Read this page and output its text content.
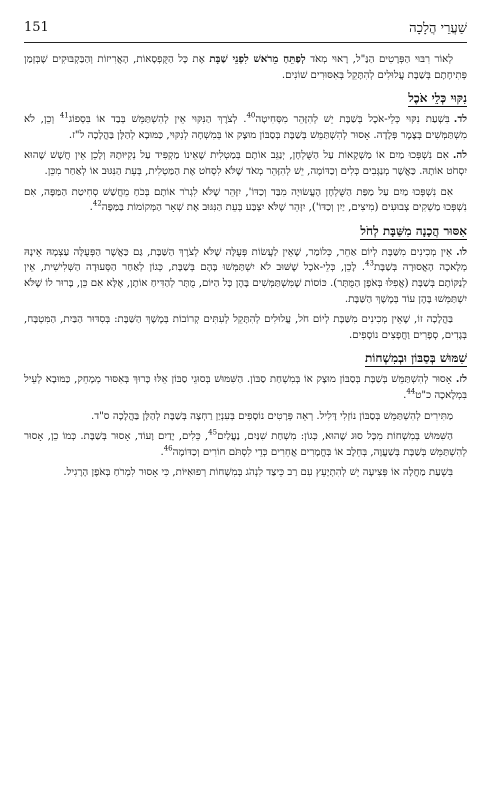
151	שַׁעֲרֵי הֲלָכָה

לְאוֹר רִבּוּי הַפְּרָטִים הַנַּ"ל, רָאוּי מְאֹד לְפַתֵּחַ מֵרֹאשׁ לִפְנֵי שַׁבָּת אֶת כָּל הַקֻּפְסָאוֹת, הָאֲרִיזוֹת וְהַבַּקְבּוּקִים שֶׁבְּזְמַן פְּתִיחָתָם בְּשַׁבָּת עֲלוּלִים לְהִתָּקֵל בְּאִסּוּרִים שׁוֹנִים.

נִקּוּי כְּלֵי אֹכֶל

לד.בִּשְׁעַת נִקּוּי כְּלֵי-אֹכֶל בְּשַׁבָּת יֵשׁ לְהִזָּהֵר מִסְּחִיטָה$^{40}$. לְצֹרֶךְ הַנִּקּוּי אֵין לְהִשְׁתַּמֵּשׁ בְּבַד אוֹ בִּסְפוֹג$^{41}$ וְכֵן, לֹא מִשְׁתַּמְּשִׁים בְּצֶמֶר פְּלָדָה. אָסוּר לְהִשְׁתַּמֵּשׁ בְּשַׁבָּת בְּסַבּוֹן מוּצָק אוֹ בְּמִשְׁחָה לְנִקּוּי, כַּמּוּבָא לְהַלָּן בַּהֲלָכָה ל"ז.

לה.אִם נִשְׁפְּכוּ מַיִם אוֹ מַשְׁקָאוֹת עַל הַשֻּׁלְחָן, יְנַגֵּב אוֹתָם בְּמַטְלִית שֶׁאֵינוֹ מַקְפִּיד עַל נְקִיּוּתָהּ וְלָכֵן אֵין חֲשָׁשׁ שֶׁהוּא יִסְחֹט אוֹתָהּ. כַּאֲשֶׁר מְנַגְּבִים כְּלִים וְכַדּוֹמֶה, יֵשׁ לְהִזָּהֵר מְאֹד שֶׁלֹּא לִסְחֹט אֶת הַמַּטְלִית, בְּעֵת הַנִּגּוּב אוֹ לְאַחַר מִכֵּן.

אִם נִשְׁפְּכוּ מַיִם עַל מַפַּת הַשֻּׁלְחָן הָעֲשׂוּיָה מִבַּד וְכַדּוֹ', יִזָּהֵר שֶׁלֹּא לִגְרֹר אוֹתָם בְּכֹחַ מֵחֲשַׁשׁ סְחִיטַת הַמַּפָּה, אִם נִשְׁפְּכוּ מַשְׁקִים צְבוּעִים (מִיצִים, יַיִן וְכַדּוֹ'), יִזָּהֵר שֶׁלֹּא יִצְבַּע בְּעֵת הַנִּגּוּב אֶת שְׁאָר הַמְּקוֹמוֹת בַּמַּפָּה$^{42}$.

אִסּוּר הֲכָנָה מִשַּׁבָּת לְחֹל

לו.אֵין מְכִינִים מִשַּׁבָּת לְיוֹם אַחֵר, כְּלוֹמַר, שֶׁאֵין לַעֲשׂוֹת פְּעֻלָּה שֶׁלֹּא לְצֹרֶךְ הַשַּׁבָּת, גַּם כַּאֲשֶׁר הַפְּעֻלָּה עַצְמָהּ אֵינָהּ מְלָאכָה הָאֲסוּרָה בְּשַׁבָּת$^{43}$. לָכֵן, כְּלֵי-אֹכֶל שֶׁשּׁוּב לֹא יִשְׁתַּמְּשׁוּ בָּהֶם בְּשַׁבָּת, כְּגוֹן לְאַחַר הַסְּעוּדָה הַשְּׁלִישִׁית, אֵין לְנַקּוֹתָם בְּשַׁבָּת (אֲפִלּוּ בְּאֹפֶן הַמֻּתָּר). כּוֹסוֹת שֶׁמִּשְׁתַּמְּשִׁים בָּהֶן כָּל הַיּוֹם, מֻתָּר לְהַדִּיחַ אוֹתָן, אֶלָּא אִם כֵּן, בָּרוּר לוֹ שֶׁלֹּא יִשְׁתַּמְּשׁוּ בָּהֶן עוֹד בְּמֶשֶׁךְ הַשַּׁבָּת.

בַּהֲלָכָה זוֹ, שֶׁאֵין מְכִינִים מִשַּׁבָּת לְיוֹם חֹל, עֲלוּלִים לְהִתָּקֵל לְעִתִּים קְרוֹבוֹת בְּמֶשֶׁךְ הַשַּׁבָּת: בְּסִדּוּר הַבַּיִת, הַמִּטְבָּח, בְּגָדִים, סְפָרִים וַחֲפָצִים נוֹסָפִים.

שִׁמּוּשׁ בְּסַבּוֹן וּבְמִשְׁחוֹת

לז.אָסוּר לְהִשְׁתַּמֵּשׁ בְּשַׁבָּת בְּסַבּוֹן מוּצָק אוֹ בְּמִשְׁחַת סַבּוֹן. הַשִּׁמּוּשׁ בְּסוּגֵי סַבּוֹן אֵלּוּ כָּרוּךְ בְּאִסּוּר מְמָחֵק, כַּמּוּבָא לְעֵיל בִּמְלָאכָה כ"ט$^{44}$.

מַתִּירִים לְהִשְׁתַּמֵּשׁ בְּסַבּוֹן נוֹזְלִי דָּלִיל. רְאֵה פְּרָטִים נוֹסָפִים בְּעִנְיַן רַחְצָה בְּשַׁבָּת לְהַלָּן בַּהֲלָכָה ס"ד.

הַשִּׁמּוּשׁ בְּמִשְׁחוֹת מִכָּל סוּג שֶׁהוּא, כְּגוֹן: מִשְׁחַת שִׁנַּיִם, נַעֲלַיִם$^{45}$, כֵּלִים, יָדַיִם וָעוֹד, אָסוּר בְּשַׁבָּת. כְּמוֹ כֵן, אָסוּר לְהִשְׁתַּמֵּשׁ בְּשַׁבָּת בְּשַׁעֲוָה, בְּחֵלֶב אוֹ בְּחֳמָרִים אֲחֵרִים כְּדֵי לִסְתֹּם חוֹרִים וְכַדּוֹמֶה$^{46}$.

בִּשְׁעַת מַחֲלָה אוֹ פְּצִיעָה יֵשׁ לְהִתְיָעֵץ עִם רַב כֵּיצַד לִנְהֹג בְּמִשְׁחוֹת רְפוּאִיּוֹת, כִּי אָסוּר לִמְרֹחַ בְּאֹפֶן הָרָגִיל.
